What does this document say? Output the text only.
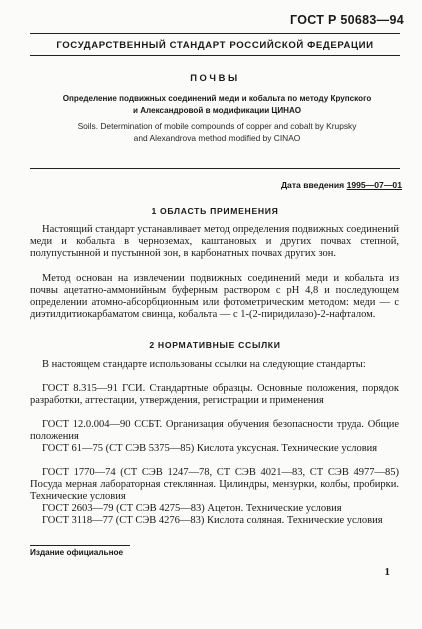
ГОСТ Р 50683—94
ГОСУДАРСТВЕННЫЙ СТАНДАРТ РОССИЙСКОЙ ФЕДЕРАЦИИ
ПОЧВЫ
Определение подвижных соединений меди и кобальта по методу Крупского
и Александровой в модификации ЦИНАО
Soils. Determination of mobile compounds of copper and cobalt by Krupsky
and Alexandrova method modified by CINAO
Дата введения 1995—07—01
1 ОБЛАСТЬ ПРИМЕНЕНИЯ
Настоящий стандарт устанавливает метод определения подвижных соединений меди и кобальта в черноземах, каштановых и других почвах степной, полупустынной и пустынной зон, в карбонатных почвах других зон.
Метод основан на извлечении подвижных соединений меди и кобальта из почвы ацетатно-аммонийным буферным раствором с pH 4,8 и последующем определении атомно-абсорбционным или фотометрическим методом: меди — с диэтилдитиокарбаматом свинца, кобальта — с 1-(2-пиридилазо)-2-нафталом.
2 НОРМАТИВНЫЕ ССЫЛКИ
В настоящем стандарте использованы ссылки на следующие стандарты:
ГОСТ 8.315—91 ГСИ. Стандартные образцы. Основные положения, порядок разработки, аттестации, утверждения, регистрации и применения
ГОСТ 12.0.004—90 ССБТ. Организация обучения безопасности труда. Общие положения
ГОСТ 61—75 (СТ СЭВ 5375—85) Кислота уксусная. Технические условия
ГОСТ 1770—74 (СТ СЭВ 1247—78, СТ СЭВ 4021—83, СТ СЭВ 4977—85) Посуда мерная лабораторная стеклянная. Цилиндры, мензурки, колбы, пробирки. Технические условия
ГОСТ 2603—79 (СТ СЭВ 4275—83) Ацетон. Технические условия
ГОСТ 3118—77 (СТ СЭВ 4276—83) Кислота соляная. Технические условия
Издание официальное
1
